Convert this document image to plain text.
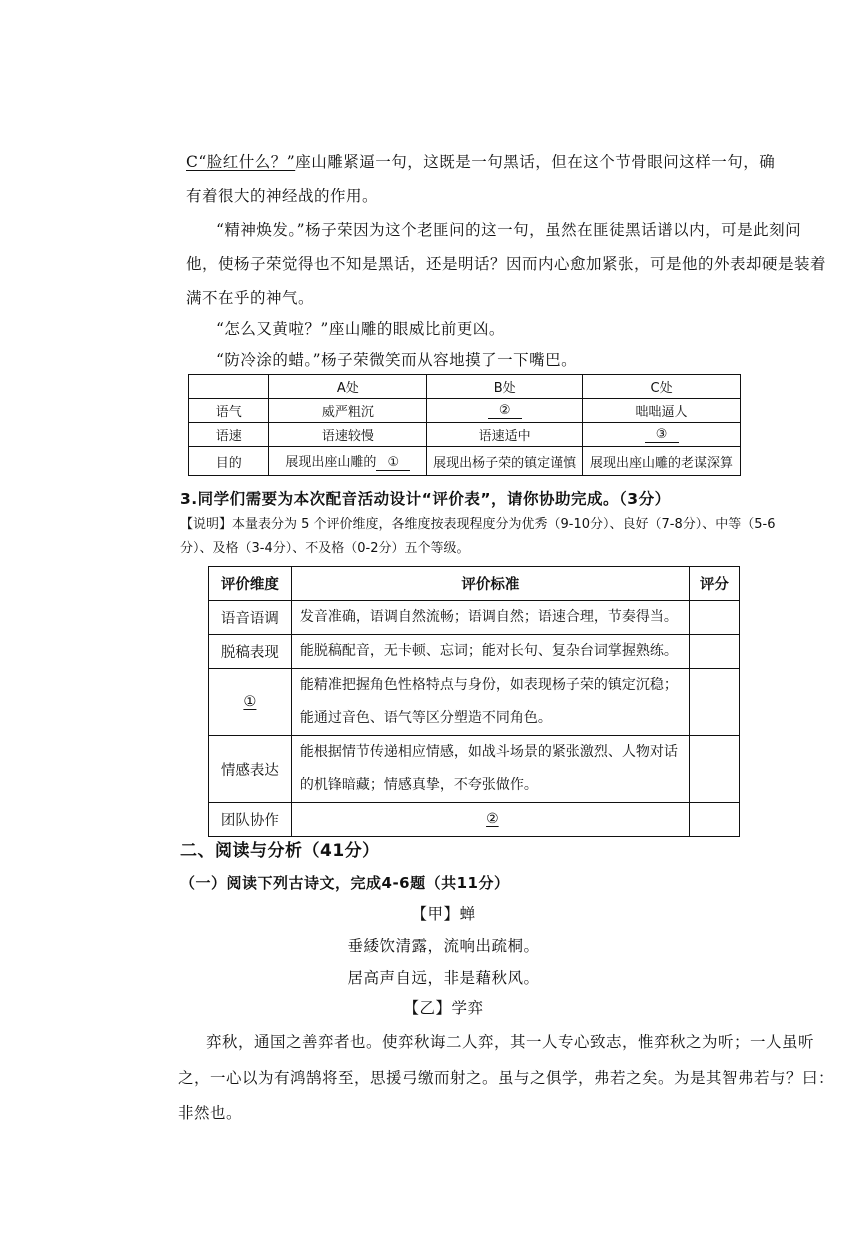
C“脸红什么？”座山雕紧逼一句，这既是一句黑话，但在这个节骨眼问这样一句，确
有着很大的神经战的作用。
“精神焕发。”杨子荣因为这个老匪问的这一句，虽然在匪徒黑话谱以内，可是此刻问
他，使杨子荣觉得也不知是黑话，还是明话？因而内心愈加紧张，可是他的外表却硬是装着
满不在乎的神气。
“怎么又黄啦？”座山雕的眼威比前更凶。
“防冷涂的蜡。”杨子荣微笑而从容地摸了一下嘴巴。
	A处	B处	C处
语气	威严粗沉	②	咄咄逼人
语速	语速较慢	语速适中	③
目的	展现出座山雕的 ①	展现出杨子荣的镇定谨慎	展现出座山雕的老谋深算
3.同学们需要为本次配音活动设计“评价表”，请你协助完成。（3分）
【说明】本量表分为 5 个评价维度，各维度按表现程度分为优秀（9-10分）、良好（7-8分）、中等（5-6
分）、及格（3-4分）、不及格（0-2分）五个等级。
评价维度	评价标准	评分
语音语调	发音准确，语调自然流畅；语调自然；语速合理，节奏得当。	
脱稿表现	能脱稿配音，无卡顿、忘词；能对长句、复杂台词掌握熟练。	
①	能精准把握角色性格特点与身份，如表现杨子荣的镇定沉稳；
能通过音色、语气等区分塑造不同角色。	

情感表达	能根据情节传递相应情感，如战斗场景的紧张激烈、人物对话
的机锋暗藏；情感真挚，不夸张做作。	

团队协作	②	
二、阅读与分析（41分）
（一）阅读下列古诗文，完成4-6题（共11分）
【甲】蝉
垂緌饮清露，流响出疏桐。
居高声自远，非是藉秋风。
【乙】学弈
弈秋，通国之善弈者也。使弈秋诲二人弈，其一人专心致志，惟弈秋之为听；一人虽听
之，一心以为有鸿鹄将至，思援弓缴而射之。虽与之俱学，弗若之矣。为是其智弗若与？曰：
非然也。
